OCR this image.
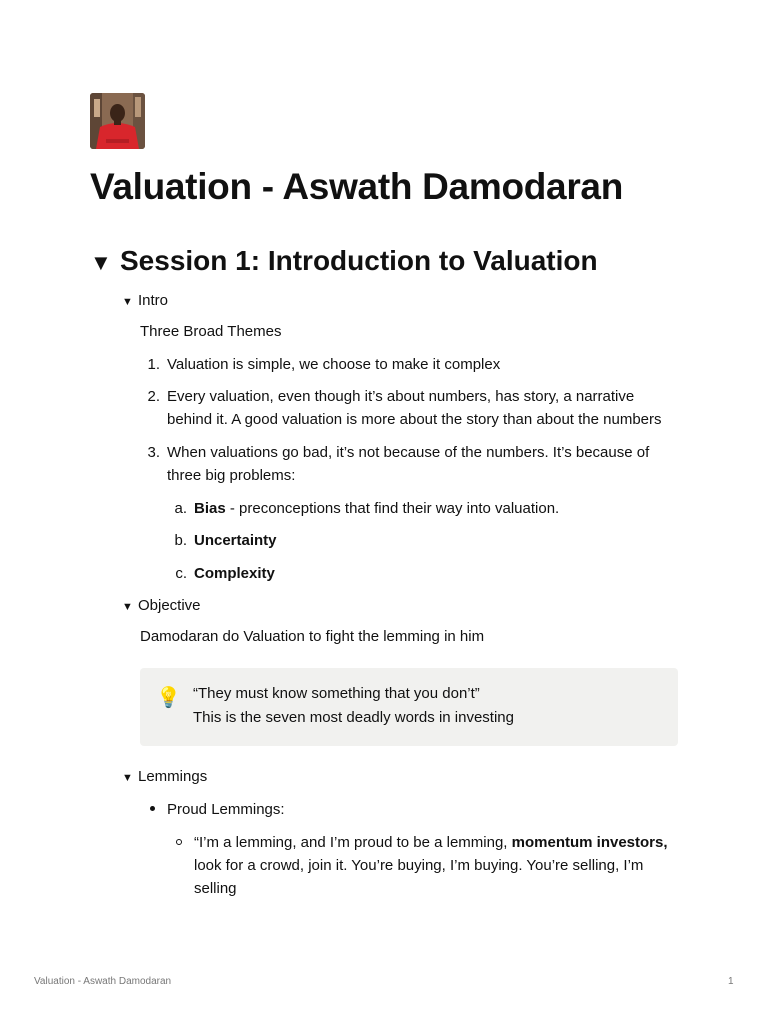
Valuation - Aswath Damodaran
▼ Session 1: Introduction to Valuation
▼ Intro
Three Broad Themes
1. Valuation is simple, we choose to make it complex
2. Every valuation, even though it’s about numbers, has story, a narrative
behind it. A good valuation is more about the story than about the numbers
3. When valuations go bad, it’s not because of the numbers. It’s because of
three big problems:
a. Bias - preconceptions that find their way into valuation.
b. Uncertainty
c. Complexity
▼ Objective
Damodaran do Valuation to fight the lemming in him
💡 “They must know something that you don’t”
This is the seven most deadly words in investing
▼ Lemmings
Proud Lemmings:
“I’m a lemming, and I’m proud to be a lemming, momentum investors,
look for a crowd, join it. You’re buying, I’m buying. You’re selling, I’m
selling
Valuation - Aswath Damodaran	1
